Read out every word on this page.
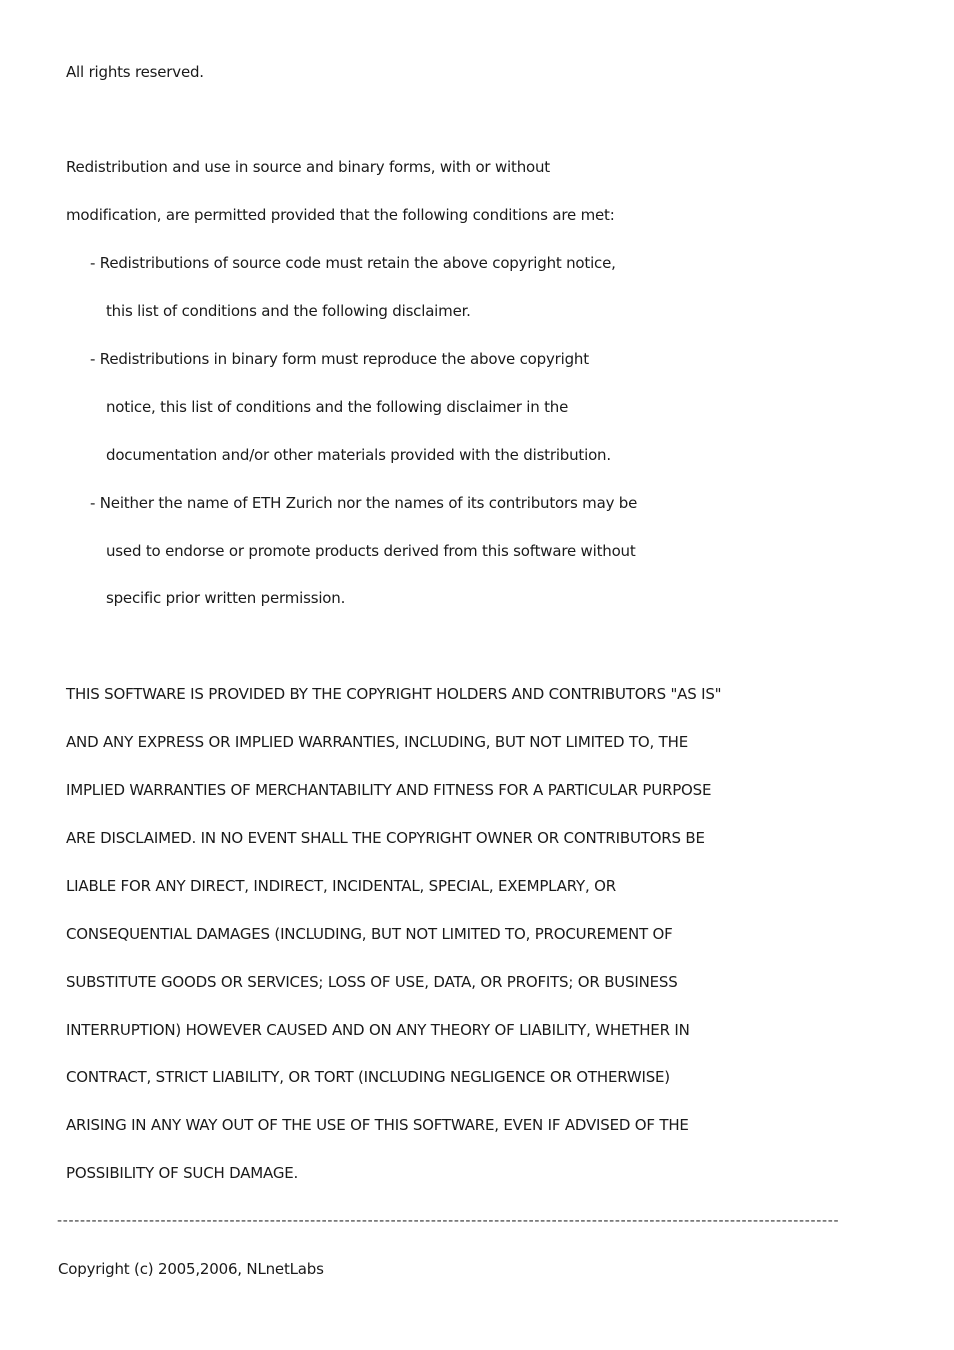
All rights reserved.
Redistribution and use in source and binary forms, with or without
modification, are permitted provided that the following conditions are met:
- Redistributions of source code must retain the above copyright notice,
this list of conditions and the following disclaimer.
- Redistributions in binary form must reproduce the above copyright
notice, this list of conditions and the following disclaimer in the
documentation and/or other materials provided with the distribution.
- Neither the name of ETH Zurich nor the names of its contributors may be
used to endorse or promote products derived from this software without
specific prior written permission.
THIS SOFTWARE IS PROVIDED BY THE COPYRIGHT HOLDERS AND CONTRIBUTORS "AS IS"
AND ANY EXPRESS OR IMPLIED WARRANTIES, INCLUDING, BUT NOT LIMITED TO, THE
IMPLIED WARRANTIES OF MERCHANTABILITY AND FITNESS FOR A PARTICULAR PURPOSE
ARE DISCLAIMED. IN NO EVENT SHALL THE COPYRIGHT OWNER OR CONTRIBUTORS BE
LIABLE FOR ANY DIRECT, INDIRECT, INCIDENTAL, SPECIAL, EXEMPLARY, OR
CONSEQUENTIAL DAMAGES (INCLUDING, BUT NOT LIMITED TO, PROCUREMENT OF
SUBSTITUTE GOODS OR SERVICES; LOSS OF USE, DATA, OR PROFITS; OR BUSINESS
INTERRUPTION) HOWEVER CAUSED AND ON ANY THEORY OF LIABILITY, WHETHER IN
CONTRACT, STRICT LIABILITY, OR TORT (INCLUDING NEGLIGENCE OR OTHERWISE)
ARISING IN ANY WAY OUT OF THE USE OF THIS SOFTWARE, EVEN IF ADVISED OF THE
POSSIBILITY OF SUCH DAMAGE.
----------------------------------------------------------------------------------------------------------------------------------------
Copyright (c) 2005,2006, NLnetLabs
